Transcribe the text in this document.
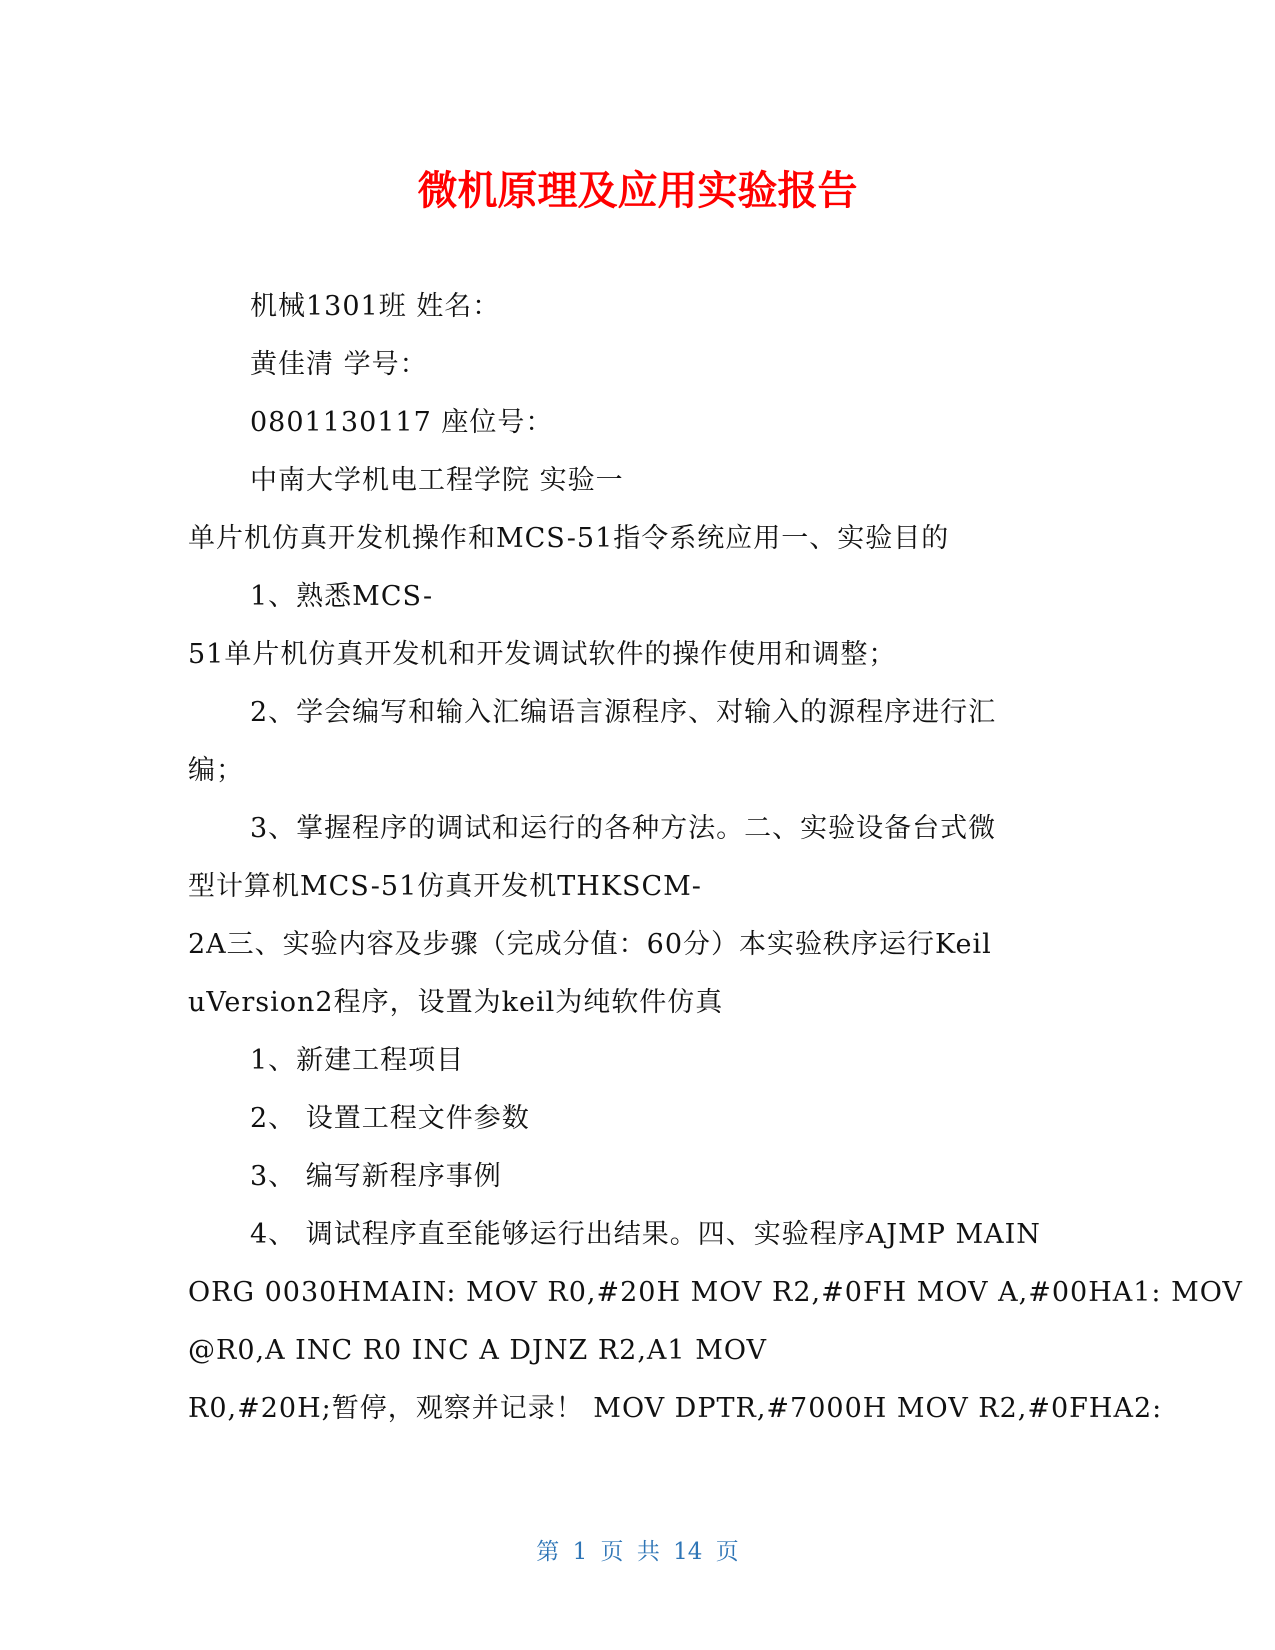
微机原理及应用实验报告
机械1301班 姓名：
黄佳清 学号：
0801130117 座位号：
中南大学机电工程学院 实验一
单片机仿真开发机操作和MCS-51指令系统应用一、实验目的
1、熟悉MCS-
51单片机仿真开发机和开发调试软件的操作使用和调整；
2、学会编写和输入汇编语言源程序、对输入的源程序进行汇
编；
3、掌握程序的调试和运行的各种方法。二、实验设备台式微
型计算机MCS-51仿真开发机THKSCM-
2A三、实验内容及步骤（完成分值：60分）本实验秩序运行Keil
uVersion2程序，设置为keil为纯软件仿真
1、新建工程项目
2、 设置工程文件参数
3、 编写新程序事例
4、 调试程序直至能够运行出结果。四、实验程序AJMP MAIN
ORG 0030HMAIN: MOV R0,#20H MOV R2,#0FH MOV A,#00HA1: MOV
@R0,A INC R0 INC A DJNZ R2,A1 MOV
R0,#20H;暂停，观察并记录！ MOV DPTR,#7000H MOV R2,#0FHA2:
第 1 页 共 14 页
